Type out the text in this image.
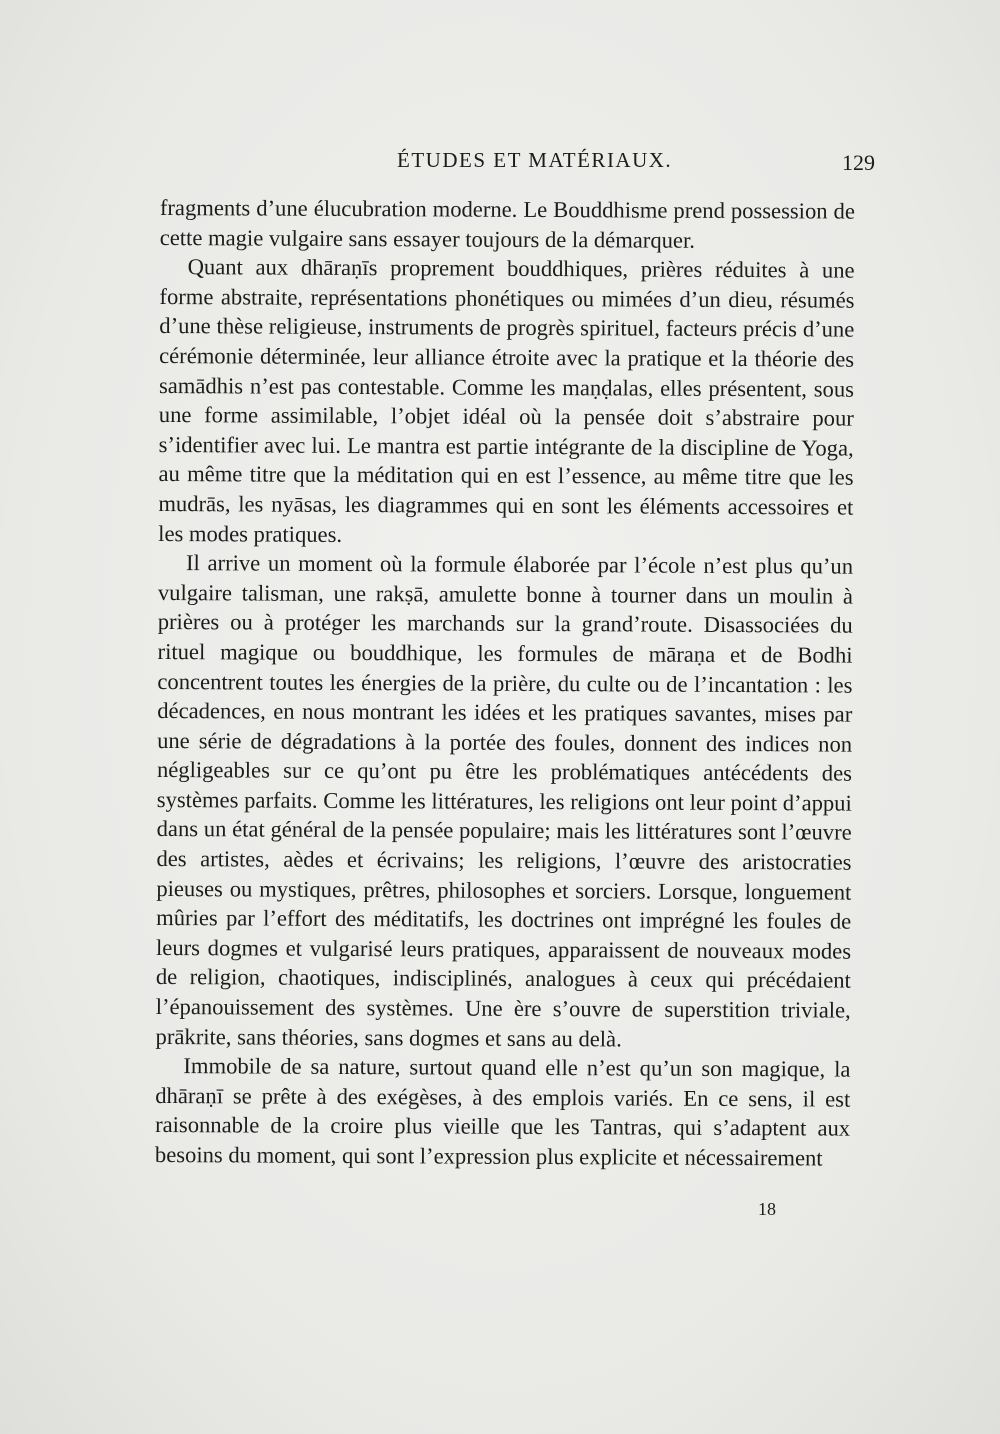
ÉTUDES ET MATÉRIAUX.	129

fragments d’une élucubration moderne. Le Bouddhisme prend possession de cette magie vulgaire sans essayer toujours de la démarquer.

Quant aux dhāraṇīs proprement bouddhiques, prières réduites à une forme abstraite, représentations phonétiques ou mimées d’un dieu, résumés d’une thèse religieuse, instruments de progrès spirituel, facteurs précis d’une cérémonie déterminée, leur alliance étroite avec la pratique et la théorie des samādhis n’est pas contestable. Comme les maṇḍalas, elles présentent, sous une forme assimilable, l’objet idéal où la pensée doit s’abstraire pour s’identifier avec lui. Le mantra est partie intégrante de la discipline de Yoga, au même titre que la méditation qui en est l’essence, au même titre que les mudrās, les nyāsas, les diagrammes qui en sont les éléments accessoires et les modes pratiques.

Il arrive un moment où la formule élaborée par l’école n’est plus qu’un vulgaire talisman, une rakṣā, amulette bonne à tourner dans un moulin à prières ou à protéger les marchands sur la grand’route. Disassociées du rituel magique ou bouddhique, les formules de māraṇa et de Bodhi concentrent toutes les énergies de la prière, du culte ou de l’incantation : les décadences, en nous montrant les idées et les pratiques savantes, mises par une série de dégradations à la portée des foules, donnent des indices non négligeables sur ce qu’ont pu être les problématiques antécédents des systèmes parfaits. Comme les littératures, les religions ont leur point d’appui dans un état général de la pensée populaire; mais les littératures sont l’œuvre des artistes, aèdes et écrivains; les religions, l’œuvre des aristocraties pieuses ou mystiques, prêtres, philosophes et sorciers. Lorsque, longuement mûries par l’effort des méditatifs, les doctrines ont imprégné les foules de leurs dogmes et vulgarisé leurs pratiques, apparaissent de nouveaux modes de religion, chaotiques, indisciplinés, analogues à ceux qui précédaient l’épanouissement des systèmes. Une ère s’ouvre de superstition triviale, prākrite, sans théories, sans dogmes et sans au delà.

Immobile de sa nature, surtout quand elle n’est qu’un son magique, la dhāraṇī se prête à des exégèses, à des emplois variés. En ce sens, il est raisonnable de la croire plus vieille que les Tantras, qui s’adaptent aux besoins du moment, qui sont l’expression plus explicite et nécessairement

18
